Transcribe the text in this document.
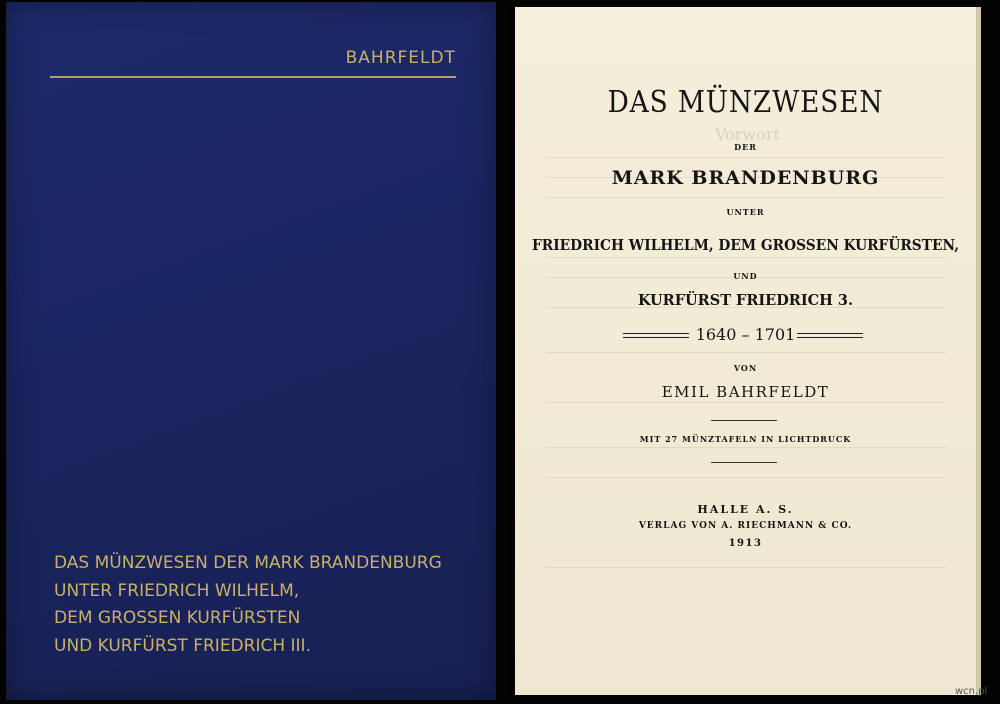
BAHRFELDT
DAS MÜNZWESEN DER MARK BRANDENBURG
UNTER FRIEDRICH WILHELM,
DEM GROSSEN KURFÜRSTEN
UND KURFÜRST FRIEDRICH III.
Vorwort
DAS MÜNZWESEN
DER
MARK BRANDENBURG
UNTER
FRIEDRICH WILHELM, DEM GROSSEN KURFÜRSTEN,
UND
KURFÜRST FRIEDRICH 3.
1640 – 1701
VON
EMIL BAHRFELDT
MIT 27 MÜNZTAFELN IN LICHTDRUCK
HALLE A. S.
VERLAG VON A. RIECHMANN & CO.
1913
wcn.pl
